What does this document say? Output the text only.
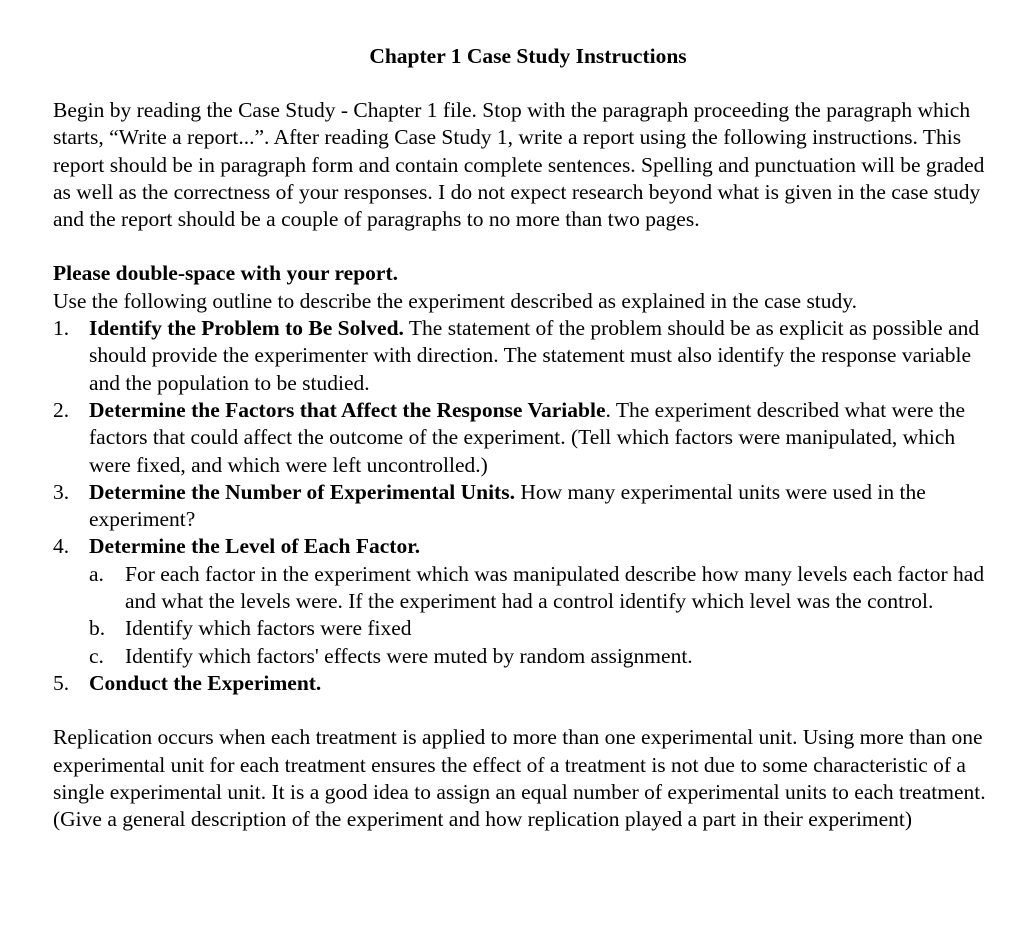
Chapter 1 Case Study Instructions

Begin by reading the Case Study - Chapter 1 file. Stop with the paragraph proceeding the paragraph which starts, “Write a report...”. After reading Case Study 1, write a report using the following instructions. This report should be in paragraph form and contain complete sentences. Spelling and punctuation will be graded as well as the correctness of your responses. I do not expect research beyond what is given in the case study and the report should be a couple of paragraphs to no more than two pages.

Please double-space with your report.

Use the following outline to describe the experiment described as explained in the case study.

1. Identify the Problem to Be Solved. The statement of the problem should be as explicit as possible and should provide the experimenter with direction. The statement must also identify the response variable and the population to be studied.
2. Determine the Factors that Affect the Response Variable. The experiment described what were the factors that could affect the outcome of the experiment. (Tell which factors were manipulated, which were fixed, and which were left uncontrolled.)
3. Determine the Number of Experimental Units. How many experimental units were used in the experiment?
4. Determine the Level of Each Factor.
a. For each factor in the experiment which was manipulated describe how many levels each factor had and what the levels were. If the experiment had a control identify which level was the control.
b. Identify which factors were fixed
c. Identify which factors' effects were muted by random assignment.
5. Conduct the Experiment.

Replication occurs when each treatment is applied to more than one experimental unit. Using more than one experimental unit for each treatment ensures the effect of a treatment is not due to some characteristic of a single experimental unit. It is a good idea to assign an equal number of experimental units to each treatment. (Give a general description of the experiment and how replication played a part in their experiment)
